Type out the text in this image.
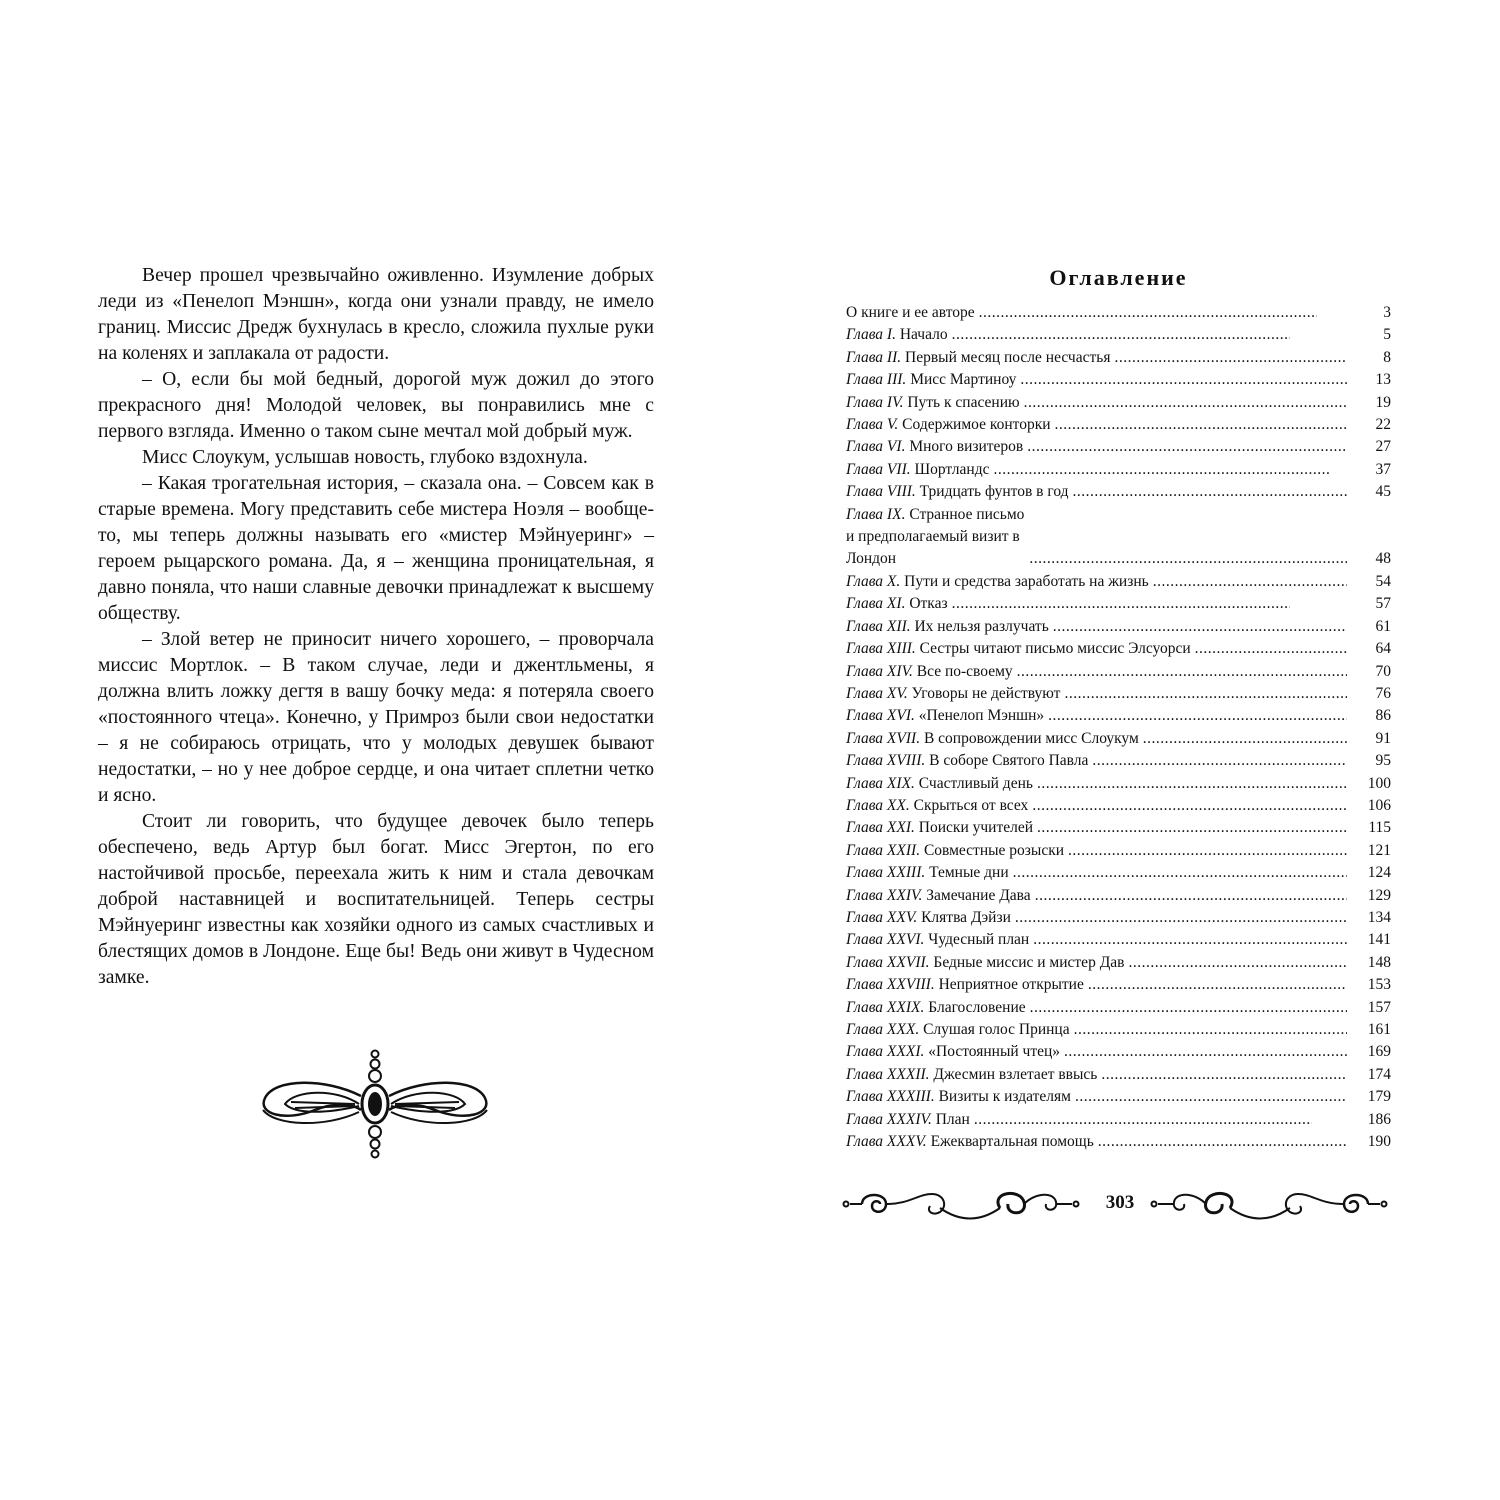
Вечер прошел чрезвычайно оживленно. Изумление добрых леди из «Пенелоп Мэншн», когда они узнали правду, не имело границ. Миссис Дредж бухнулась в кресло, сложила пухлые руки на коленях и заплакала от радости.

– О, если бы мой бедный, дорогой муж дожил до этого прекрасного дня! Молодой человек, вы понравились мне с первого взгляда. Именно о таком сыне мечтал мой добрый муж.

Мисс Слоукум, услышав новость, глубоко вздохнула.

– Какая трогательная история, – сказала она. – Совсем как в старые времена. Могу представить себе мистера Ноэля – вообще-то, мы теперь должны называть его «мистер Мэйнуеринг» – героем рыцарского романа. Да, я – женщина проницательная, я давно поняла, что наши славные девочки принадлежат к высшему обществу.

– Злой ветер не приносит ничего хорошего, – проворчала миссис Мортлок. – В таком случае, леди и джентльмены, я должна влить ложку дегтя в вашу бочку меда: я потеряла своего «постоянного чтеца». Конечно, у Примроз были свои недостатки – я не собираюсь отрицать, что у молодых девушек бывают недостатки, – но у нее доброе сердце, и она читает сплетни четко и ясно.

Стоит ли говорить, что будущее девочек было теперь обеспечено, ведь Артур был богат. Мисс Эгертон, по его настойчивой просьбе, переехала жить к ним и стала девочкам доброй наставницей и воспитательницей. Теперь сестры Мэйнуеринг известны как хозяйки одного из самых счастливых и блестящих домов в Лондоне. Еще бы! Ведь они живут в Чудесном замке.

Оглавление
О книге и ее авторе .....	3
Глава I. Начало .....	5
Глава II. Первый месяц после несчастья .....	8
Глава III. Мисс Мартиноу .....	13
Глава IV. Путь к спасению .....	19
Глава V. Содержимое конторки .....	22
Глава VI. Много визитеров .....	27
Глава VII. Шортландс .....	37
Глава VIII. Тридцать фунтов в год .....	45
Глава IX. Странное письмо и предполагаемый визит в Лондон .....	48
Глава X. Пути и средства заработать на жизнь .....	54
Глава XI. Отказ .....	57
Глава XII. Их нельзя разлучать .....	61
Глава XIII. Сестры читают письмо миссис Элсуорси .....	64
Глава XIV. Все по-своему .....	70
Глава XV. Уговоры не действуют .....	76
Глава XVI. «Пенелоп Мэншн» .....	86
Глава XVII. В сопровождении мисс Слоукум .....	91
Глава XVIII. В соборе Святого Павла .....	95
Глава XIX. Счастливый день .....	100
Глава XX. Скрыться от всех .....	106
Глава XXI. Поиски учителей .....	115
Глава XXII. Совместные розыски .....	121
Глава XXIII. Темные дни .....	124
Глава XXIV. Замечание Дава .....	129
Глава XXV. Клятва Дэйзи .....	134
Глава XXVI. Чудесный план .....	141
Глава XXVII. Бедные миссис и мистер Дав .....	148
Глава XXVIII. Неприятное открытие .....	153
Глава XXIX. Благословение .....	157
Глава XXX. Слушая голос Принца .....	161
Глава XXXI. «Постоянный чтец» .....	169
Глава XXXII. Джесмин взлетает ввысь .....	174
Глава XXXIII. Визиты к издателям .....	179
Глава XXXIV. План .....	186
Глава XXXV. Ежеквартальная помощь .....	190
303
